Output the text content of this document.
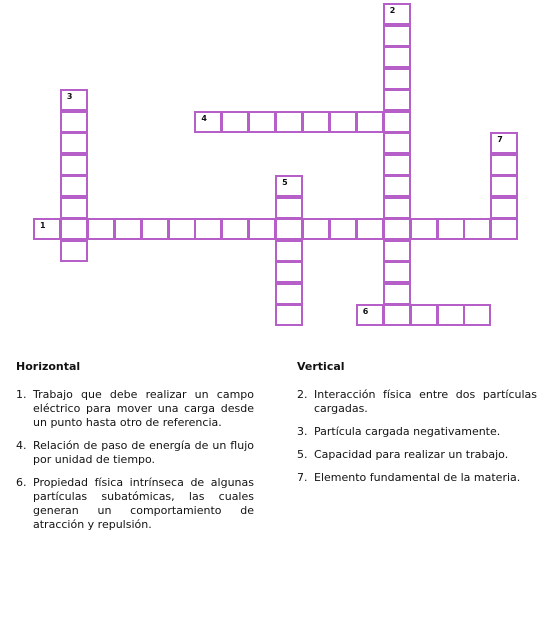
1
2
3
4
5
6
7
Horizontal
1. Trabajo que debe realizar un campo eléctrico para mover una carga desde un punto hasta otro de referencia.
4. Relación de paso de energía de un flujo por unidad de tiempo.
6. Propiedad física intrínseca de algunas partículas subatómicas, las cuales generan un comportamiento de atracción y repulsión.
Vertical
2. Interacción física entre dos partículas cargadas.
3. Partícula cargada negativamente.
5. Capacidad para realizar un trabajo.
7. Elemento fundamental de la materia.
